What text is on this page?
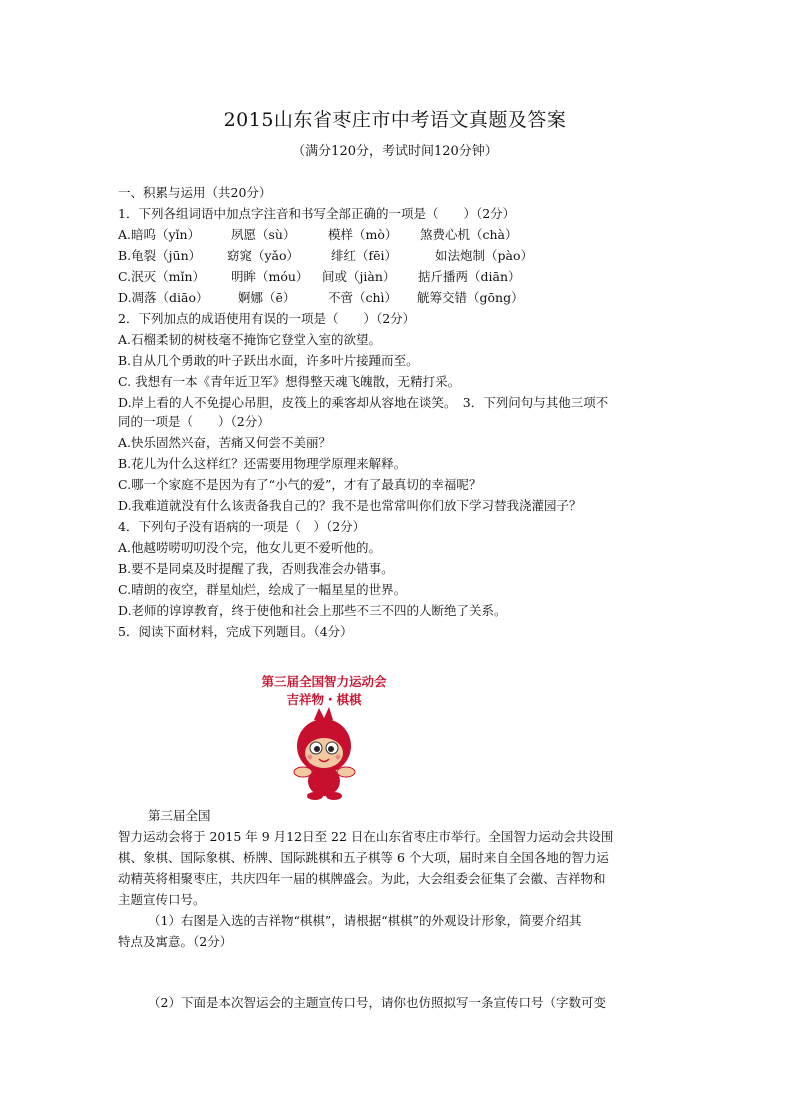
2015山东省枣庄市中考语文真题及答案
（满分120分，考试时间120分钟）
一、积累与运用（共20分）
1．下列各组词语中加点字注音和书写全部正确的一项是（　　）（2分）
A.暗呜（yǐn） 夙愿（sù）	模样（mò） 煞费心机（chà）
B.龟裂（jūn） 窈窕（yǎo）	绯红（fēi）	如法炮制（pào）
C.泯灭（mǐn） 明眸（móu） 间或（jiàn） 掂斤播两（diān）
D.凋落（diāo） 婀娜（ē）	不啻（chì） 觥筹交错（gōng）
2．下列加点的成语使用有误的一项是（　　）（2分）
A.石榴柔韧的树枝毫不掩饰它登堂入室的欲望。
B.自从几个勇敢的叶子跃出水面，许多叶片接踵而至。
C. 我想有一本《青年近卫军》想得整天魂飞魄散，无精打采。
D.岸上看的人不免提心吊胆，皮筏上的乘客却从容地在谈笑。　3．下列问句与其他三项不
同的一项是（　　）（2分）
A.快乐固然兴奋，苦痛又何尝不美丽？
B.花儿为什么这样红？还需要用物理学原理来解释。
C.哪一个家庭不是因为有了“小气的爱”，才有了最真切的幸福呢？
D.我难道就没有什么该责备我自己的？我不是也常常叫你们放下学习替我浇灌园子？
4．下列句子没有语病的一项是（　）（2分）
A.他越唠唠叨叨没个完，他女儿更不爱听他的。
B.要不是同桌及时提醒了我，否则我准会办错事。
C.晴朗的夜空，群星灿烂，绘成了一幅星星的世界。
D.老师的谆谆教育，终于使他和社会上那些不三不四的人断绝了关系。
5．阅读下面材料，完成下列题目。（4分）
第三届全国智力运动会
吉祥物・棋棋
第三届全国
智力运动会将于 2015 年 9 月12日至 22 日在山东省枣庄市举行。全国智力运动会共设围
棋、象棋、国际象棋、桥牌、国际跳棋和五子棋等 6 个大项，届时来自全国各地的智力运
动精英将相聚枣庄，共庆四年一届的棋牌盛会。为此，大会组委会征集了会徽、吉祥物和
主题宣传口号。
（1）右图是入选的吉祥物“棋棋”，请根据“棋棋”的外观设计形象，简要介绍其
特点及寓意。（2分）
（2）下面是本次智运会的主题宣传口号，请你也仿照拟写一条宣传口号（字数可变
